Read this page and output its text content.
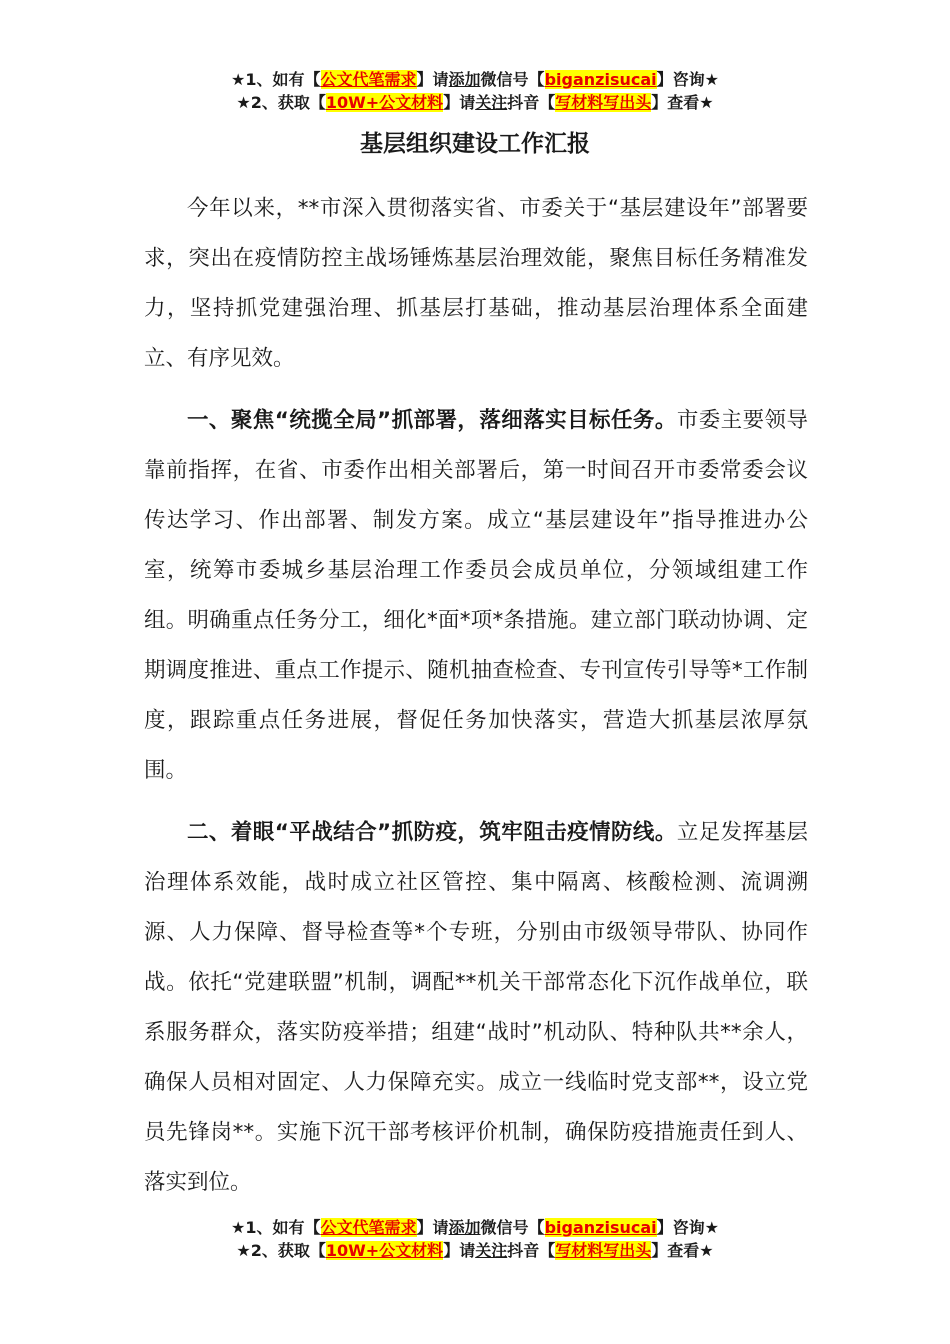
★1、如有【公文代笔需求】请添加微信号【biganzisucai】咨询★
★2、获取【10W+公文材料】请关注抖音【写材料写出头】查看★
基层组织建设工作汇报

今年以来，**市深入贯彻落实省、市委关于“基层建设年”部署要求，突出在疫情防控主战场锤炼基层治理效能，聚焦目标任务精准发力，坚持抓党建强治理、抓基层打基础，推动基层治理体系全面建立、有序见效。

一、聚焦“统揽全局”抓部署，落细落实目标任务。市委主要领导靠前指挥，在省、市委作出相关部署后，第一时间召开市委常委会议传达学习、作出部署、制发方案。成立“基层建设年”指导推进办公室，统筹市委城乡基层治理工作委员会成员单位，分领域组建工作组。明确重点任务分工，细化*面*项*条措施。建立部门联动协调、定期调度推进、重点工作提示、随机抽查检查、专刊宣传引导等*工作制度，跟踪重点任务进展，督促任务加快落实，营造大抓基层浓厚氛围。

二、着眼“平战结合”抓防疫，筑牢阻击疫情防线。立足发挥基层治理体系效能，战时成立社区管控、集中隔离、核酸检测、流调溯源、人力保障、督导检查等*个专班，分别由市级领导带队、协同作战。依托“党建联盟”机制，调配**机关干部常态化下沉作战单位，联系服务群众，落实防疫举措；组建“战时”机动队、特种队共**余人，确保人员相对固定、人力保障充实。成立一线临时党支部**，设立党员先锋岗**。实施下沉干部考核评价机制，确保防疫措施责任到人、落实到位。

★1、如有【公文代笔需求】请添加微信号【biganzisucai】咨询★
★2、获取【10W+公文材料】请关注抖音【写材料写出头】查看★
